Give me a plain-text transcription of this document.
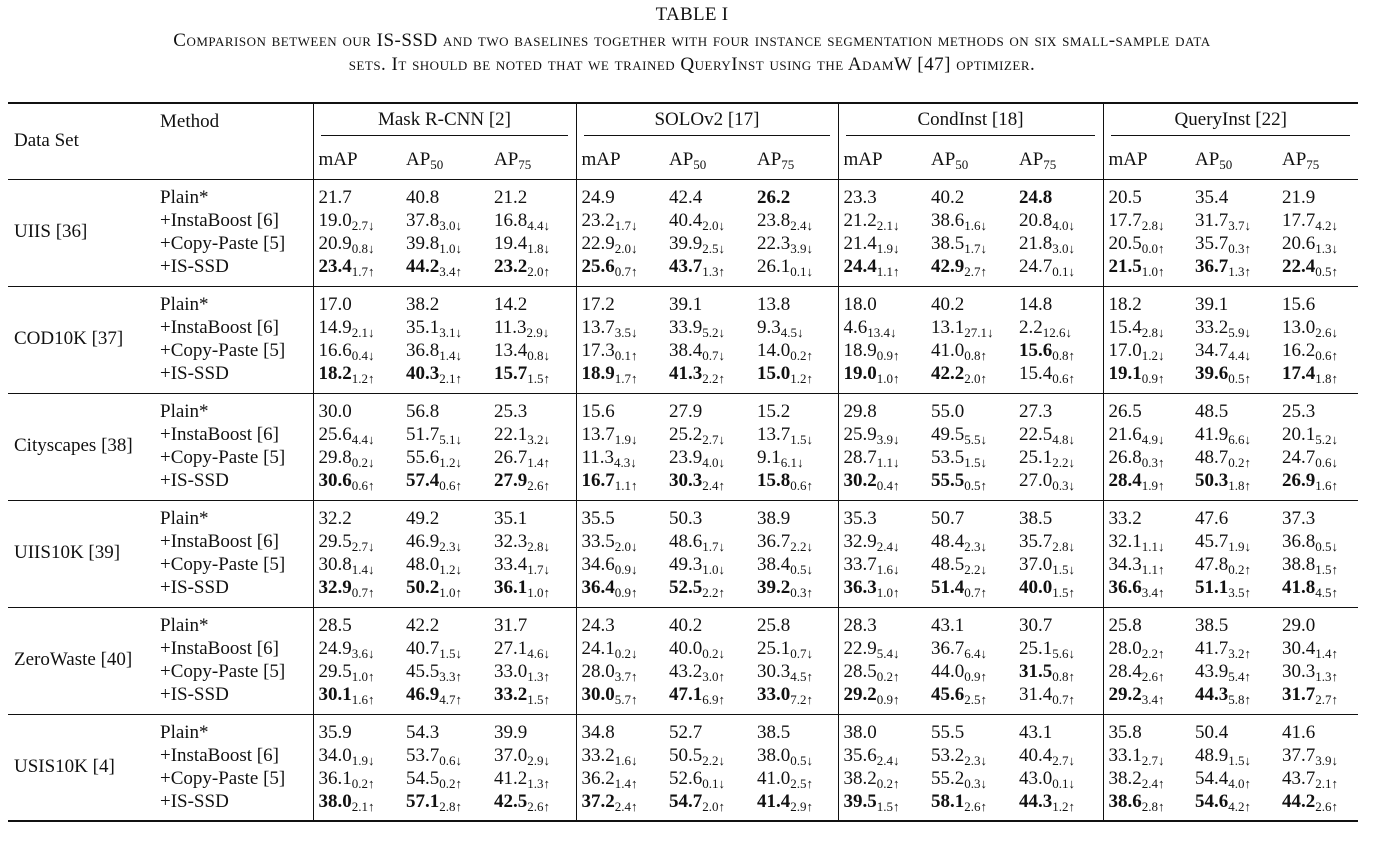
TABLE I
Comparison between our IS-SSD and two baselines together with four instance segmentation methods on six small-sample data
sets. It should be noted that we trained QueryInst using the AdamW [47] optimizer.
Data Set	Method	Mask R-CNN [2]			SOLOv2 [17]			CondInst [18]			QueryInst [22]		
		mAP	$AP_{50}$	$AP_{75}$	mAP	$AP_{50}$	$AP_{75}$	mAP	$AP_{50}$	$AP_{75}$	mAP	$AP_{50}$	$AP_{75}$
UIIS [36]	Plain*	21.7	40.8	21.2	24.9	42.4	26.2	23.3	40.2	24.8	20.5	35.4	21.9
	+InstaBoost [6]	$19.0_{2.7↓}$	$37.8_{3.0↓}$	$16.8_{4.4↓}$	$23.2_{1.7↓}$	$40.4_{2.0↓}$	$23.8_{2.4↓}$	$21.2_{2.1↓}$	$38.6_{1.6↓}$	$20.8_{4.0↓}$	$17.7_{2.8↓}$	$31.7_{3.7↓}$	$17.7_{4.2↓}$
	+Copy-Paste [5]	$20.9_{0.8↓}$	$39.8_{1.0↓}$	$19.4_{1.8↓}$	$22.9_{2.0↓}$	$39.9_{2.5↓}$	$22.3_{3.9↓}$	$21.4_{1.9↓}$	$38.5_{1.7↓}$	$21.8_{3.0↓}$	$20.5_{0.0↑}$	$35.7_{0.3↑}$	$20.6_{1.3↓}$
	+IS-SSD	$23.4_{1.7↑}$	$44.2_{3.4↑}$	$23.2_{2.0↑}$	$25.6_{0.7↑}$	$43.7_{1.3↑}$	$26.1_{0.1↓}$	$24.4_{1.1↑}$	$42.9_{2.7↑}$	$24.7_{0.1↓}$	$21.5_{1.0↑}$	$36.7_{1.3↑}$	$22.4_{0.5↑}$
COD10K [37]	Plain*	17.0	38.2	14.2	17.2	39.1	13.8	18.0	40.2	14.8	18.2	39.1	15.6
	+InstaBoost [6]	$14.9_{2.1↓}$	$35.1_{3.1↓}$	$11.3_{2.9↓}$	$13.7_{3.5↓}$	$33.9_{5.2↓}$	$9.3_{4.5↓}$	$4.6_{13.4↓}$	$13.1_{27.1↓}$	$2.2_{12.6↓}$	$15.4_{2.8↓}$	$33.2_{5.9↓}$	$13.0_{2.6↓}$
	+Copy-Paste [5]	$16.6_{0.4↓}$	$36.8_{1.4↓}$	$13.4_{0.8↓}$	$17.3_{0.1↑}$	$38.4_{0.7↓}$	$14.0_{0.2↑}$	$18.9_{0.9↑}$	$41.0_{0.8↑}$	$15.6_{0.8↑}$	$17.0_{1.2↓}$	$34.7_{4.4↓}$	$16.2_{0.6↑}$
	+IS-SSD	$18.2_{1.2↑}$	$40.3_{2.1↑}$	$15.7_{1.5↑}$	$18.9_{1.7↑}$	$41.3_{2.2↑}$	$15.0_{1.2↑}$	$19.0_{1.0↑}$	$42.2_{2.0↑}$	$15.4_{0.6↑}$	$19.1_{0.9↑}$	$39.6_{0.5↑}$	$17.4_{1.8↑}$
Cityscapes [38]	Plain*	30.0	56.8	25.3	15.6	27.9	15.2	29.8	55.0	27.3	26.5	48.5	25.3
	+InstaBoost [6]	$25.6_{4.4↓}$	$51.7_{5.1↓}$	$22.1_{3.2↓}$	$13.7_{1.9↓}$	$25.2_{2.7↓}$	$13.7_{1.5↓}$	$25.9_{3.9↓}$	$49.5_{5.5↓}$	$22.5_{4.8↓}$	$21.6_{4.9↓}$	$41.9_{6.6↓}$	$20.1_{5.2↓}$
	+Copy-Paste [5]	$29.8_{0.2↓}$	$55.6_{1.2↓}$	$26.7_{1.4↑}$	$11.3_{4.3↓}$	$23.9_{4.0↓}$	$9.1_{6.1↓}$	$28.7_{1.1↓}$	$53.5_{1.5↓}$	$25.1_{2.2↓}$	$26.8_{0.3↑}$	$48.7_{0.2↑}$	$24.7_{0.6↓}$
	+IS-SSD	$30.6_{0.6↑}$	$57.4_{0.6↑}$	$27.9_{2.6↑}$	$16.7_{1.1↑}$	$30.3_{2.4↑}$	$15.8_{0.6↑}$	$30.2_{0.4↑}$	$55.5_{0.5↑}$	$27.0_{0.3↓}$	$28.4_{1.9↑}$	$50.3_{1.8↑}$	$26.9_{1.6↑}$
UIIS10K [39]	Plain*	32.2	49.2	35.1	35.5	50.3	38.9	35.3	50.7	38.5	33.2	47.6	37.3
	+InstaBoost [6]	$29.5_{2.7↓}$	$46.9_{2.3↓}$	$32.3_{2.8↓}$	$33.5_{2.0↓}$	$48.6_{1.7↓}$	$36.7_{2.2↓}$	$32.9_{2.4↓}$	$48.4_{2.3↓}$	$35.7_{2.8↓}$	$32.1_{1.1↓}$	$45.7_{1.9↓}$	$36.8_{0.5↓}$
	+Copy-Paste [5]	$30.8_{1.4↓}$	$48.0_{1.2↓}$	$33.4_{1.7↓}$	$34.6_{0.9↓}$	$49.3_{1.0↓}$	$38.4_{0.5↓}$	$33.7_{1.6↓}$	$48.5_{2.2↓}$	$37.0_{1.5↓}$	$34.3_{1.1↑}$	$47.8_{0.2↑}$	$38.8_{1.5↑}$
	+IS-SSD	$32.9_{0.7↑}$	$50.2_{1.0↑}$	$36.1_{1.0↑}$	$36.4_{0.9↑}$	$52.5_{2.2↑}$	$39.2_{0.3↑}$	$36.3_{1.0↑}$	$51.4_{0.7↑}$	$40.0_{1.5↑}$	$36.6_{3.4↑}$	$51.1_{3.5↑}$	$41.8_{4.5↑}$
ZeroWaste [40]	Plain*	28.5	42.2	31.7	24.3	40.2	25.8	28.3	43.1	30.7	25.8	38.5	29.0
	+InstaBoost [6]	$24.9_{3.6↓}$	$40.7_{1.5↓}$	$27.1_{4.6↓}$	$24.1_{0.2↓}$	$40.0_{0.2↓}$	$25.1_{0.7↓}$	$22.9_{5.4↓}$	$36.7_{6.4↓}$	$25.1_{5.6↓}$	$28.0_{2.2↑}$	$41.7_{3.2↑}$	$30.4_{1.4↑}$
	+Copy-Paste [5]	$29.5_{1.0↑}$	$45.5_{3.3↑}$	$33.0_{1.3↑}$	$28.0_{3.7↑}$	$43.2_{3.0↑}$	$30.3_{4.5↑}$	$28.5_{0.2↑}$	$44.0_{0.9↑}$	$31.5_{0.8↑}$	$28.4_{2.6↑}$	$43.9_{5.4↑}$	$30.3_{1.3↑}$
	+IS-SSD	$30.1_{1.6↑}$	$46.9_{4.7↑}$	$33.2_{1.5↑}$	$30.0_{5.7↑}$	$47.1_{6.9↑}$	$33.0_{7.2↑}$	$29.2_{0.9↑}$	$45.6_{2.5↑}$	$31.4_{0.7↑}$	$29.2_{3.4↑}$	$44.3_{5.8↑}$	$31.7_{2.7↑}$
USIS10K [4]	Plain*	35.9	54.3	39.9	34.8	52.7	38.5	38.0	55.5	43.1	35.8	50.4	41.6
	+InstaBoost [6]	$34.0_{1.9↓}$	$53.7_{0.6↓}$	$37.0_{2.9↓}$	$33.2_{1.6↓}$	$50.5_{2.2↓}$	$38.0_{0.5↓}$	$35.6_{2.4↓}$	$53.2_{2.3↓}$	$40.4_{2.7↓}$	$33.1_{2.7↓}$	$48.9_{1.5↓}$	$37.7_{3.9↓}$
	+Copy-Paste [5]	$36.1_{0.2↑}$	$54.5_{0.2↑}$	$41.2_{1.3↑}$	$36.2_{1.4↑}$	$52.6_{0.1↓}$	$41.0_{2.5↑}$	$38.2_{0.2↑}$	$55.2_{0.3↓}$	$43.0_{0.1↓}$	$38.2_{2.4↑}$	$54.4_{4.0↑}$	$43.7_{2.1↑}$
	+IS-SSD	$38.0_{2.1↑}$	$57.1_{2.8↑}$	$42.5_{2.6↑}$	$37.2_{2.4↑}$	$54.7_{2.0↑}$	$41.4_{2.9↑}$	$39.5_{1.5↑}$	$58.1_{2.6↑}$	$44.3_{1.2↑}$	$38.6_{2.8↑}$	$54.6_{4.2↑}$	$44.2_{2.6↑}$
